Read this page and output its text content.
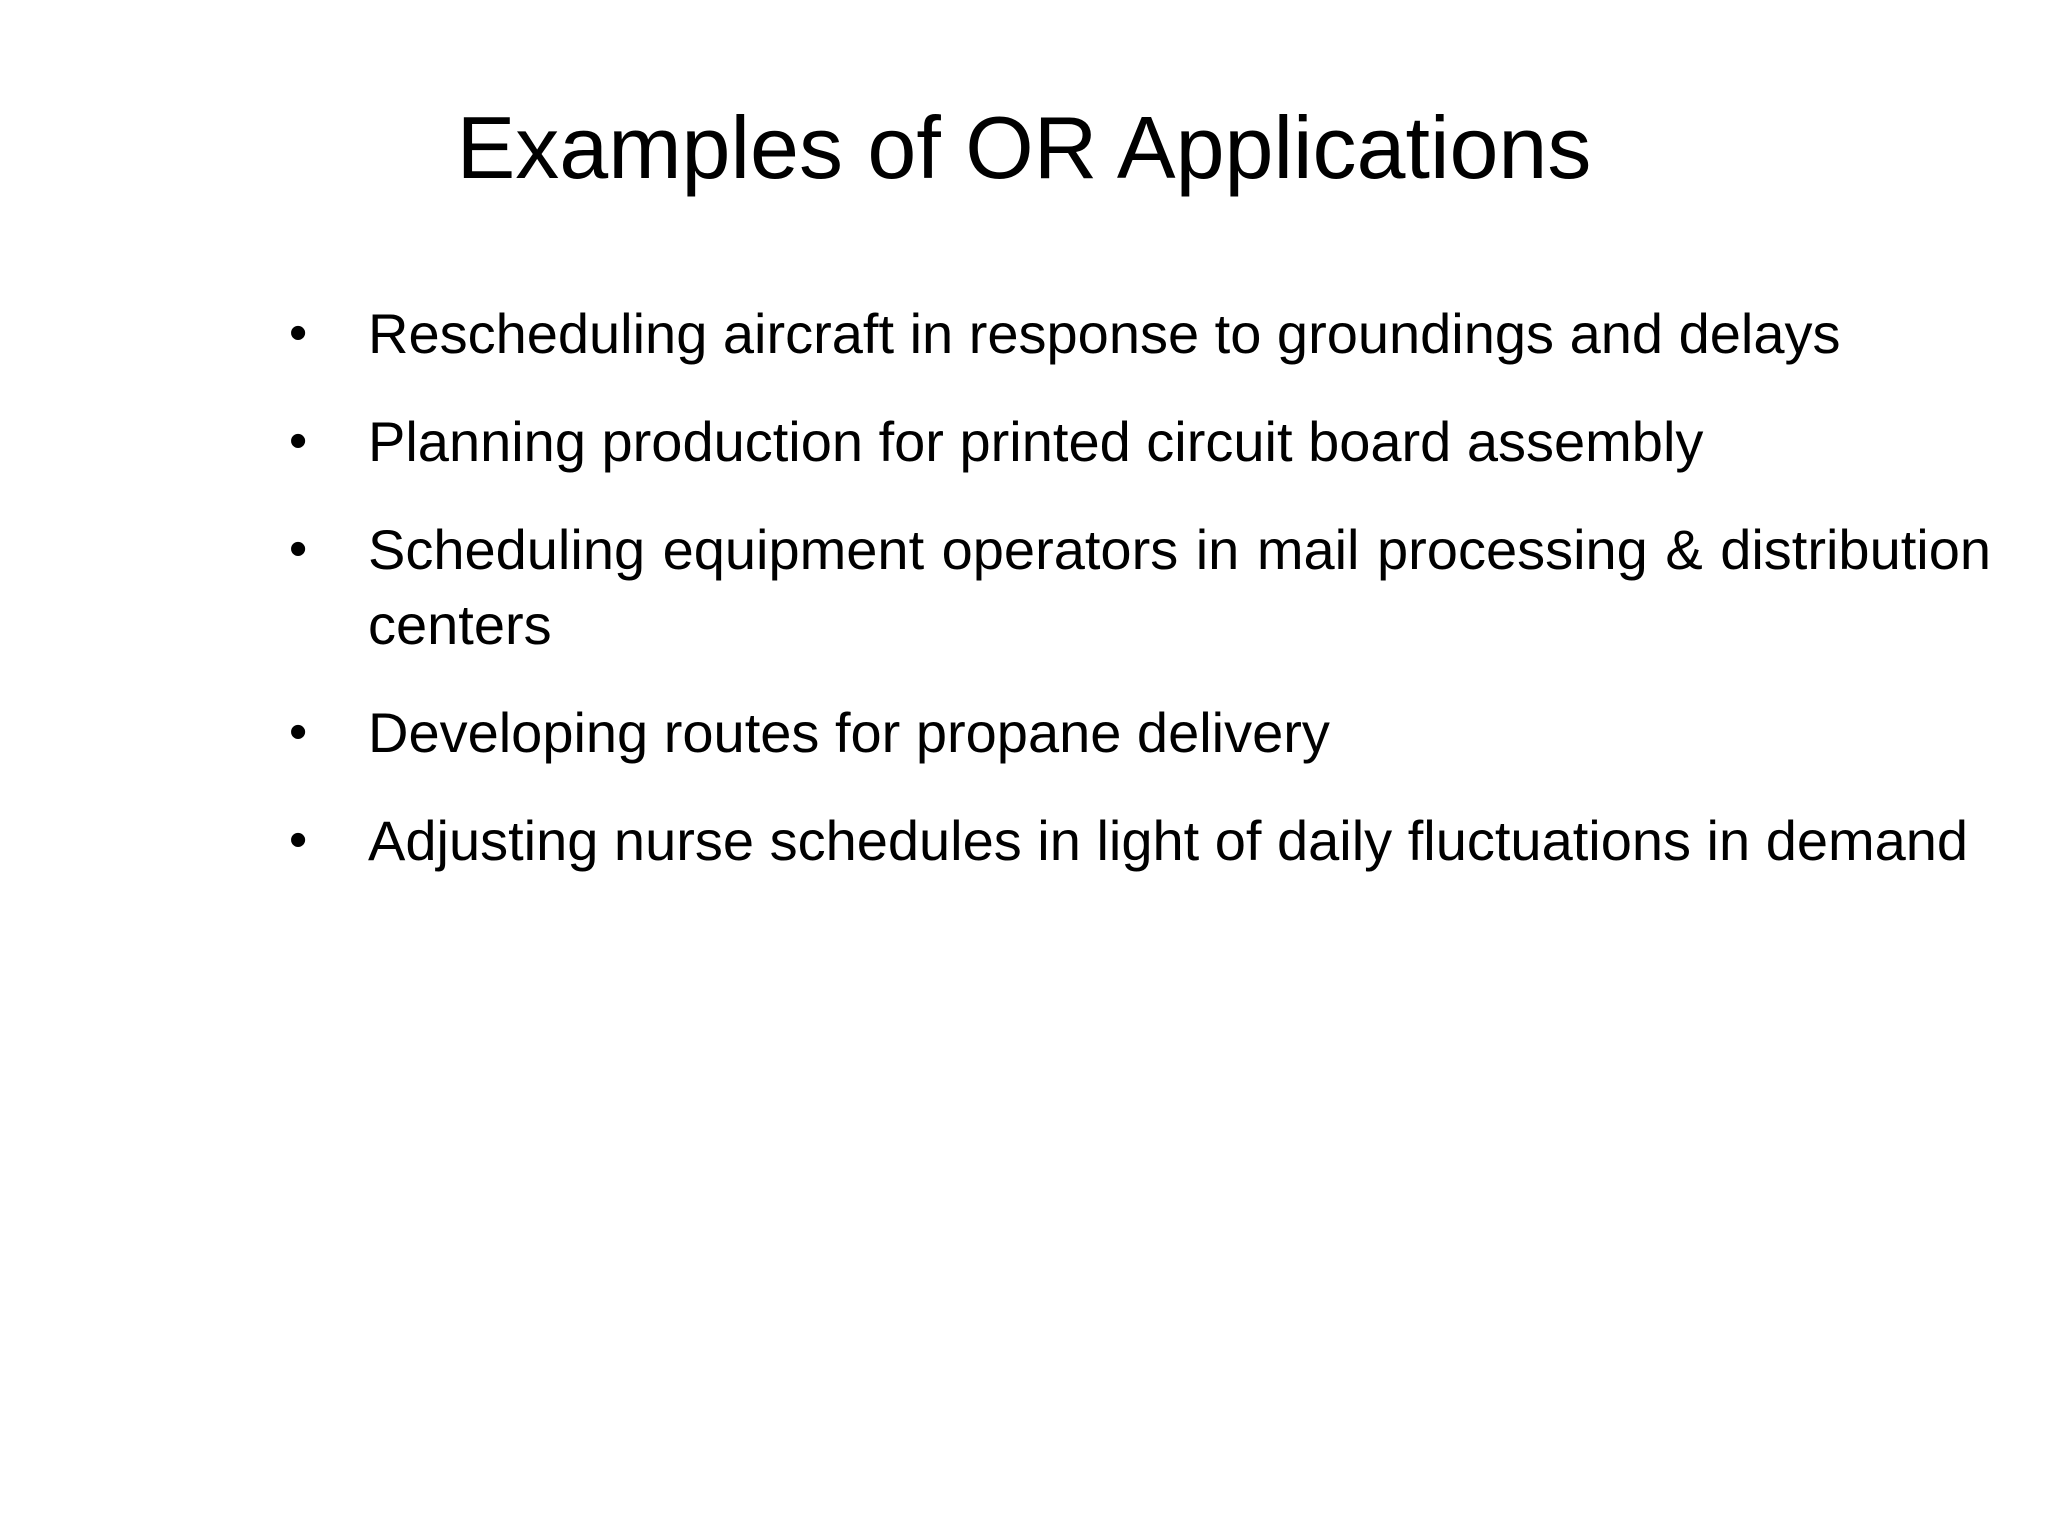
Examples of OR Applications
• Rescheduling aircraft in response to groundings and delays
• Planning production for printed circuit board assembly
• Scheduling equipment operators in mail processing & distribution centers
• Developing routes for propane delivery
• Adjusting nurse schedules in light of daily fluctuations in demand
